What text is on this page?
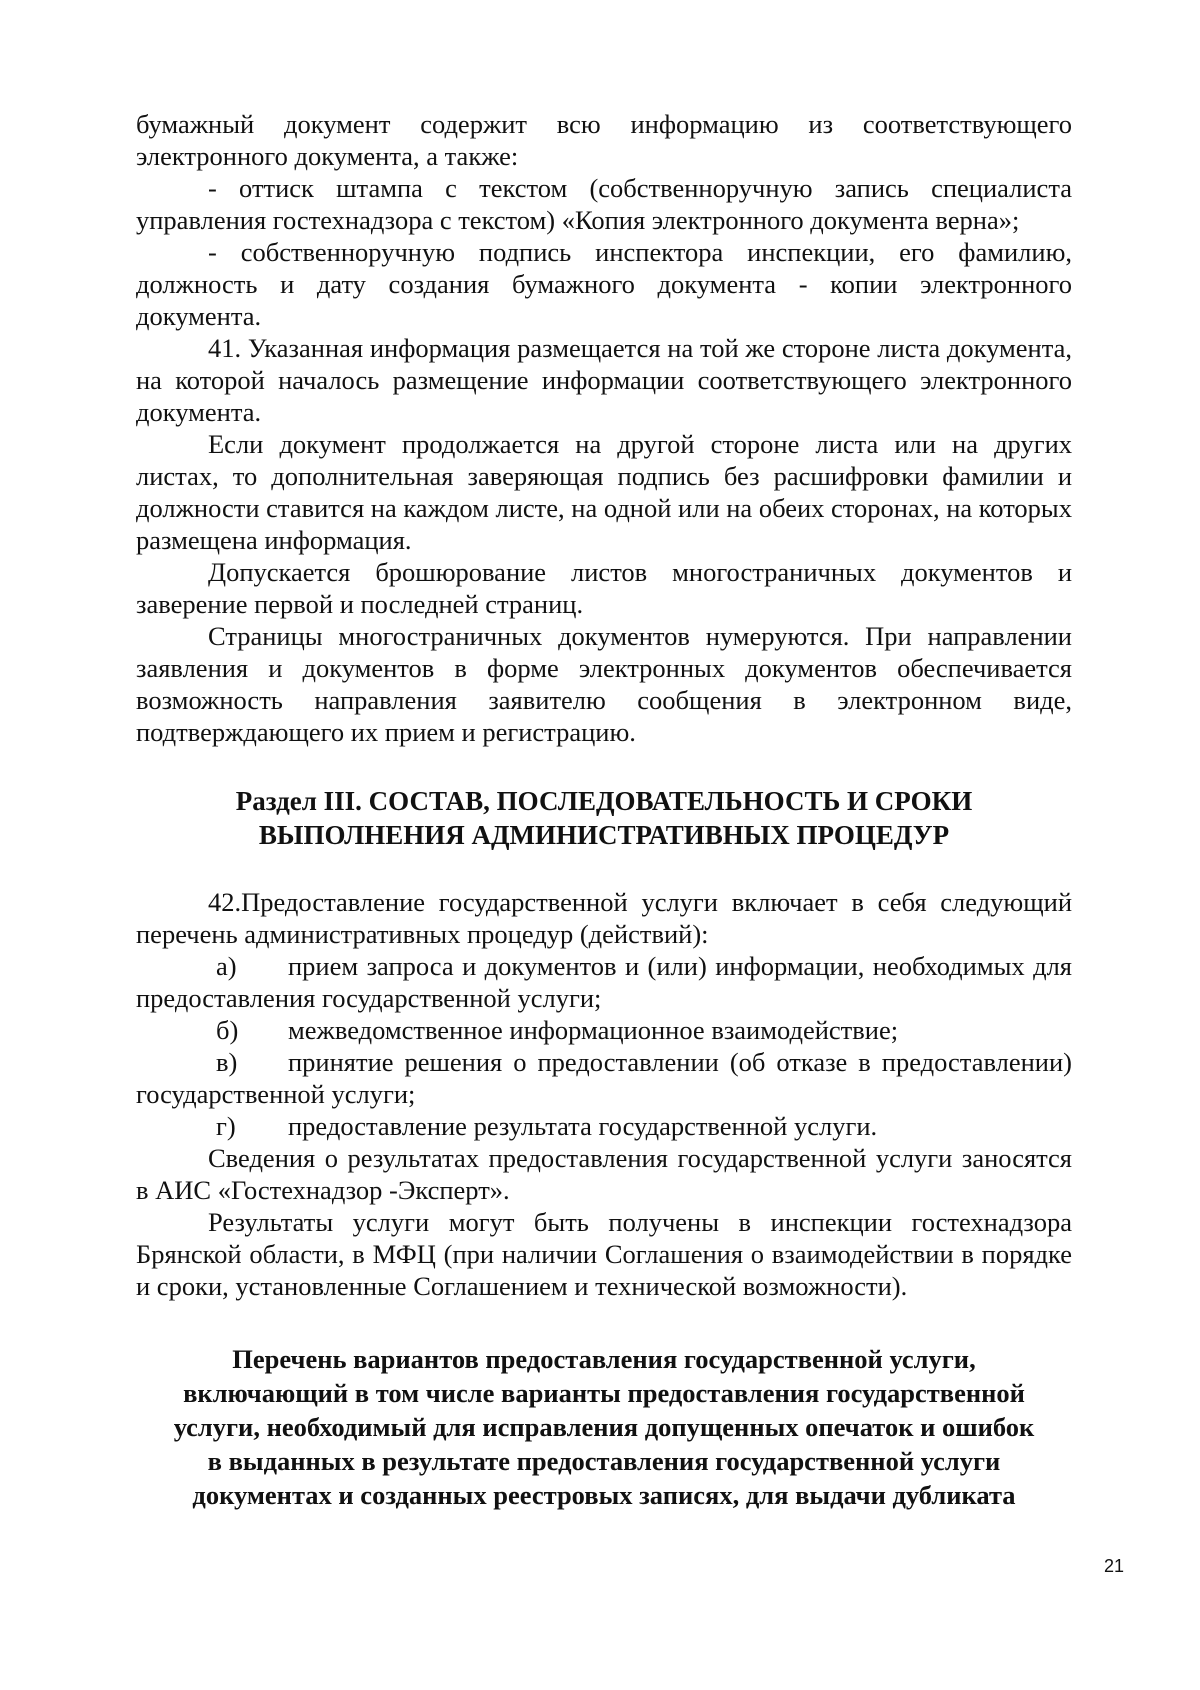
бумажный документ содержит всю информацию из соответствующего электронного документа, а также:

- оттиск штампа с текстом (собственноручную запись специалиста управления гостехнадзора с текстом) «Копия электронного документа верна»;

- собственноручную подпись инспектора инспекции, его фамилию, должность и дату создания бумажного документа - копии электронного документа.

41. Указанная информация размещается на той же стороне листа документа, на которой началось размещение информации соответствующего электронного документа.

Если документ продолжается на другой стороне листа или на других листах, то дополнительная заверяющая подпись без расшифровки фамилии и должности ставится на каждом листе, на одной или на обеих сторонах, на которых размещена информация.

Допускается брошюрование листов многостраничных документов и заверение первой и последней страниц.

Страницы многостраничных документов нумеруются. При направлении заявления и документов в форме электронных документов обеспечивается возможность направления заявителю сообщения в электронном виде, подтверждающего их прием и регистрацию.

Раздел III. СОСТАВ, ПОСЛЕДОВАТЕЛЬНОСТЬ И СРОКИ
ВЫПОЛНЕНИЯ АДМИНИСТРАТИВНЫХ ПРОЦЕДУР

42.Предоставление государственной услуги включает в себя следующий перечень административных процедур (действий):

а) прием запроса и документов и (или) информации, необходимых для предоставления государственной услуги;

б) межведомственное информационное взаимодействие;

в) принятие решения о предоставлении (об отказе в предоставлении) государственной услуги;

г) предоставление результата государственной услуги.

Сведения о результатах предоставления государственной услуги заносятся в АИС «Гостехнадзор -Эксперт».

Результаты услуги могут быть получены в инспекции гостехнадзора Брянской области, в МФЦ (при наличии Соглашения о взаимодействии в порядке и сроки, установленные Соглашением и технической возможности).

Перечень вариантов предоставления государственной услуги,
включающий в том числе варианты предоставления государственной
услуги, необходимый для исправления допущенных опечаток и ошибок
в выданных в результате предоставления государственной услуги
документах и созданных реестровых записях, для выдачи дубликата
21
